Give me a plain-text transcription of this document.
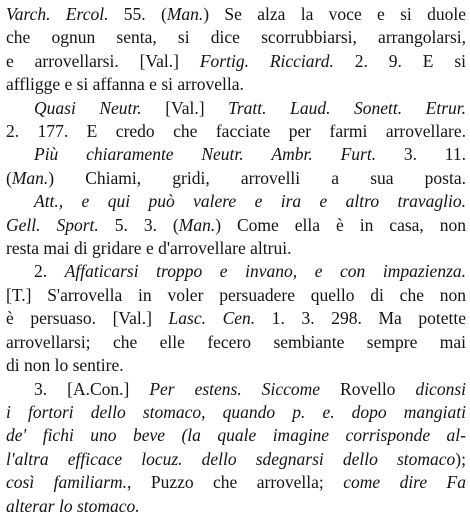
Varch. Ercol. 55. (Man.) Se alza la voce e si duole
che ognun senta, si dice scorrubbiarsi, arrangolarsi,
e arrovellarsi. [Val.] Fortig. Ricciard. 2. 9. E si
affligge e si affanna e si arrovella.
Quasi Neutr. [Val.] Tratt. Laud. Sonett. Etrur.
2. 177. E credo che facciate per farmi arrovellare.
Più chiaramente Neutr. Ambr. Furt. 3. 11.
(Man.) Chiami, gridi, arrovelli a sua posta.
Att., e qui può valere e ira e altro travaglio.
Gell. Sport. 5. 3. (Man.) Come ella è in casa, non
resta mai di gridare e d'arrovellare altrui.
2. Affaticarsi troppo e invano, e con impazienza.
[T.] S'arrovella in voler persuadere quello di che non
è persuaso. [Val.] Lasc. Cen. 1. 3. 298. Ma potette
arrovellarsi; che elle fecero sembiante sempre mai
di non lo sentire.
3. [A.Con.] Per estens. Siccome Rovello diconsi
i fortori dello stomaco, quando p. e. dopo mangiati
de' fichi uno beve (la quale imagine corrisponde al-
l'altra efficace locuz. dello sdegnarsi dello stomaco);
così familiarm., Puzzo che arrovella; come dire Fa
alterar lo stomaco.
